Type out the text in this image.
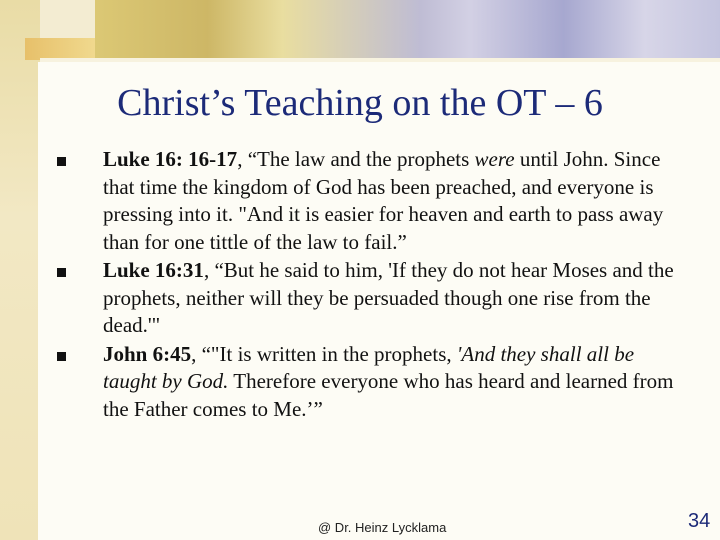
Christ’s Teaching on the OT – 6
Luke 16: 16-17, “The law and the prophets were until John. Since that time the kingdom of God has been preached, and everyone is pressing into it. "And it is easier for heaven and earth to pass away than for one tittle of the law to fail.”
Luke 16:31, “But he said to him, 'If they do not hear Moses and the prophets, neither will they be persuaded though one rise from the dead.'"
John 6:45, “"It is written in the prophets, 'And they shall all be taught by God. Therefore everyone who has heard and learned from the Father comes to Me.’”
@ Dr. Heinz Lycklama	34
